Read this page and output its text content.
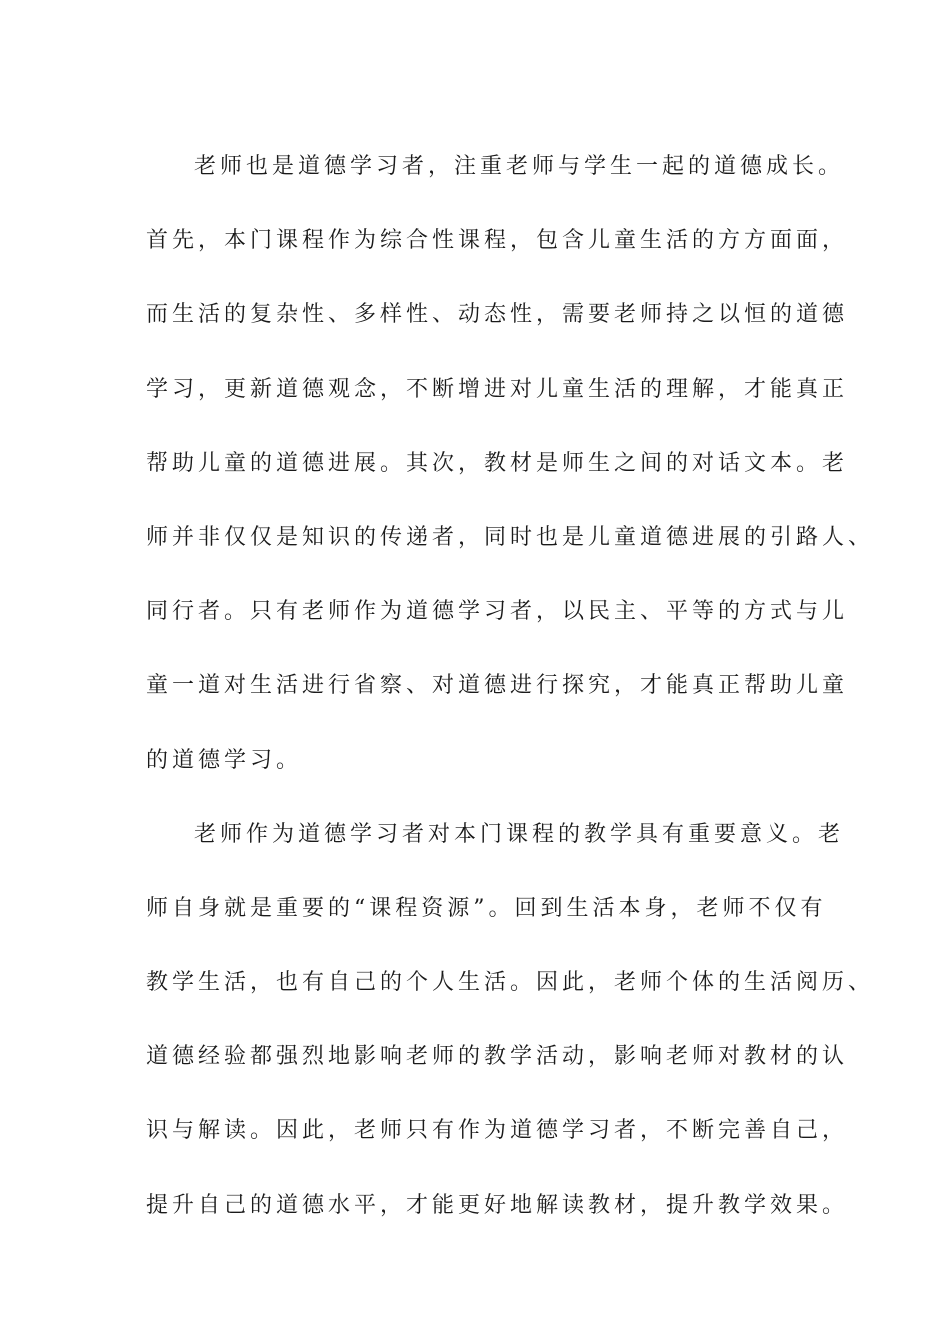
老师也是道德学习者，注重老师与学生一起的道德成长。
首先，本门课程作为综合性课程，包含儿童生活的方方面面，
而生活的复杂性、多样性、动态性，需要老师持之以恒的道德
学习，更新道德观念，不断增进对儿童生活的理解，才能真正
帮助儿童的道德进展。其次，教材是师生之间的对话文本。老
师并非仅仅是知识的传递者，同时也是儿童道德进展的引路人、
同行者。只有老师作为道德学习者，以民主、平等的方式与儿
童一道对生活进行省察、对道德进行探究，才能真正帮助儿童
的道德学习。
老师作为道德学习者对本门课程的教学具有重要意义。老
师自身就是重要的“课程资源”。回到生活本身，老师不仅有
教学生活，也有自己的个人生活。因此，老师个体的生活阅历、
道德经验都强烈地影响老师的教学活动，影响老师对教材的认
识与解读。因此，老师只有作为道德学习者，不断完善自己，
提升自己的道德水平，才能更好地解读教材，提升教学效果。
